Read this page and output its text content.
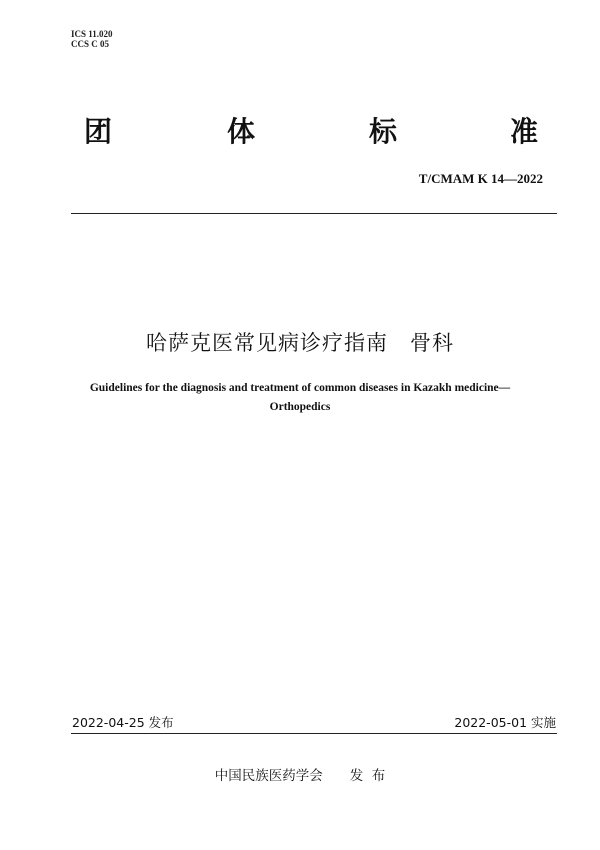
ICS 11.020
CCS C 05
团	体	标	准
T/CMAM K 14—2022
哈萨克医常见病诊疗指南　骨科
Guidelines for the diagnosis and treatment of common diseases in Kazakh medicine—
Orthopedics
2022-04-25 发布	2022-05-01 实施
中国民族医药学会　　发  布
